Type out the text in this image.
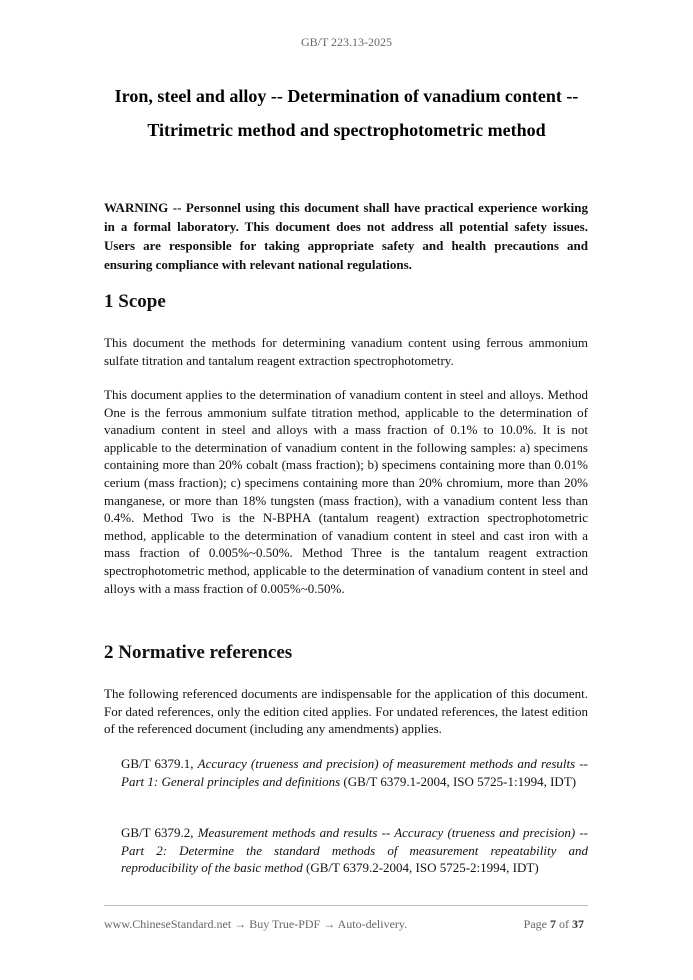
GB/T 223.13-2025
Iron, steel and alloy -- Determination of vanadium content --
Titrimetric method and spectrophotometric method

WARNING -- Personnel using this document shall have practical experience working in a formal laboratory. This document does not address all potential safety issues. Users are responsible for taking appropriate safety and health precautions and ensuring compliance with relevant national regulations.

1 Scope

This document the methods for determining vanadium content using ferrous ammonium sulfate titration and tantalum reagent extraction spectrophotometry.

This document applies to the determination of vanadium content in steel and alloys. Method One is the ferrous ammonium sulfate titration method, applicable to the determination of vanadium content in steel and alloys with a mass fraction of 0.1% to 10.0%. It is not applicable to the determination of vanadium content in the following samples: a) specimens containing more than 20% cobalt (mass fraction); b) specimens containing more than 0.01% cerium (mass fraction); c) specimens containing more than 20% chromium, more than 20% manganese, or more than 18% tungsten (mass fraction), with a vanadium content less than 0.4%. Method Two is the N-BPHA (tantalum reagent) extraction spectrophotometric method, applicable to the determination of vanadium content in steel and cast iron with a mass fraction of 0.005%~0.50%. Method Three is the tantalum reagent extraction spectrophotometric method, applicable to the determination of vanadium content in steel and alloys with a mass fraction of 0.005%~0.50%.

2 Normative references

The following referenced documents are indispensable for the application of this document. For dated references, only the edition cited applies. For undated references, the latest edition of the referenced document (including any amendments) applies.

GB/T 6379.1, Accuracy (trueness and precision) of measurement methods and results -- Part 1: General principles and definitions (GB/T 6379.1-2004, ISO 5725-1:1994, IDT)

GB/T 6379.2, Measurement methods and results -- Accuracy (trueness and precision) -- Part 2: Determine the standard methods of measurement repeatability and reproducibility of the basic method (GB/T 6379.2-2004, ISO 5725-2:1994, IDT)

www.ChineseStandard.net → Buy True-PDF → Auto-delivery.	Page 7 of 37
